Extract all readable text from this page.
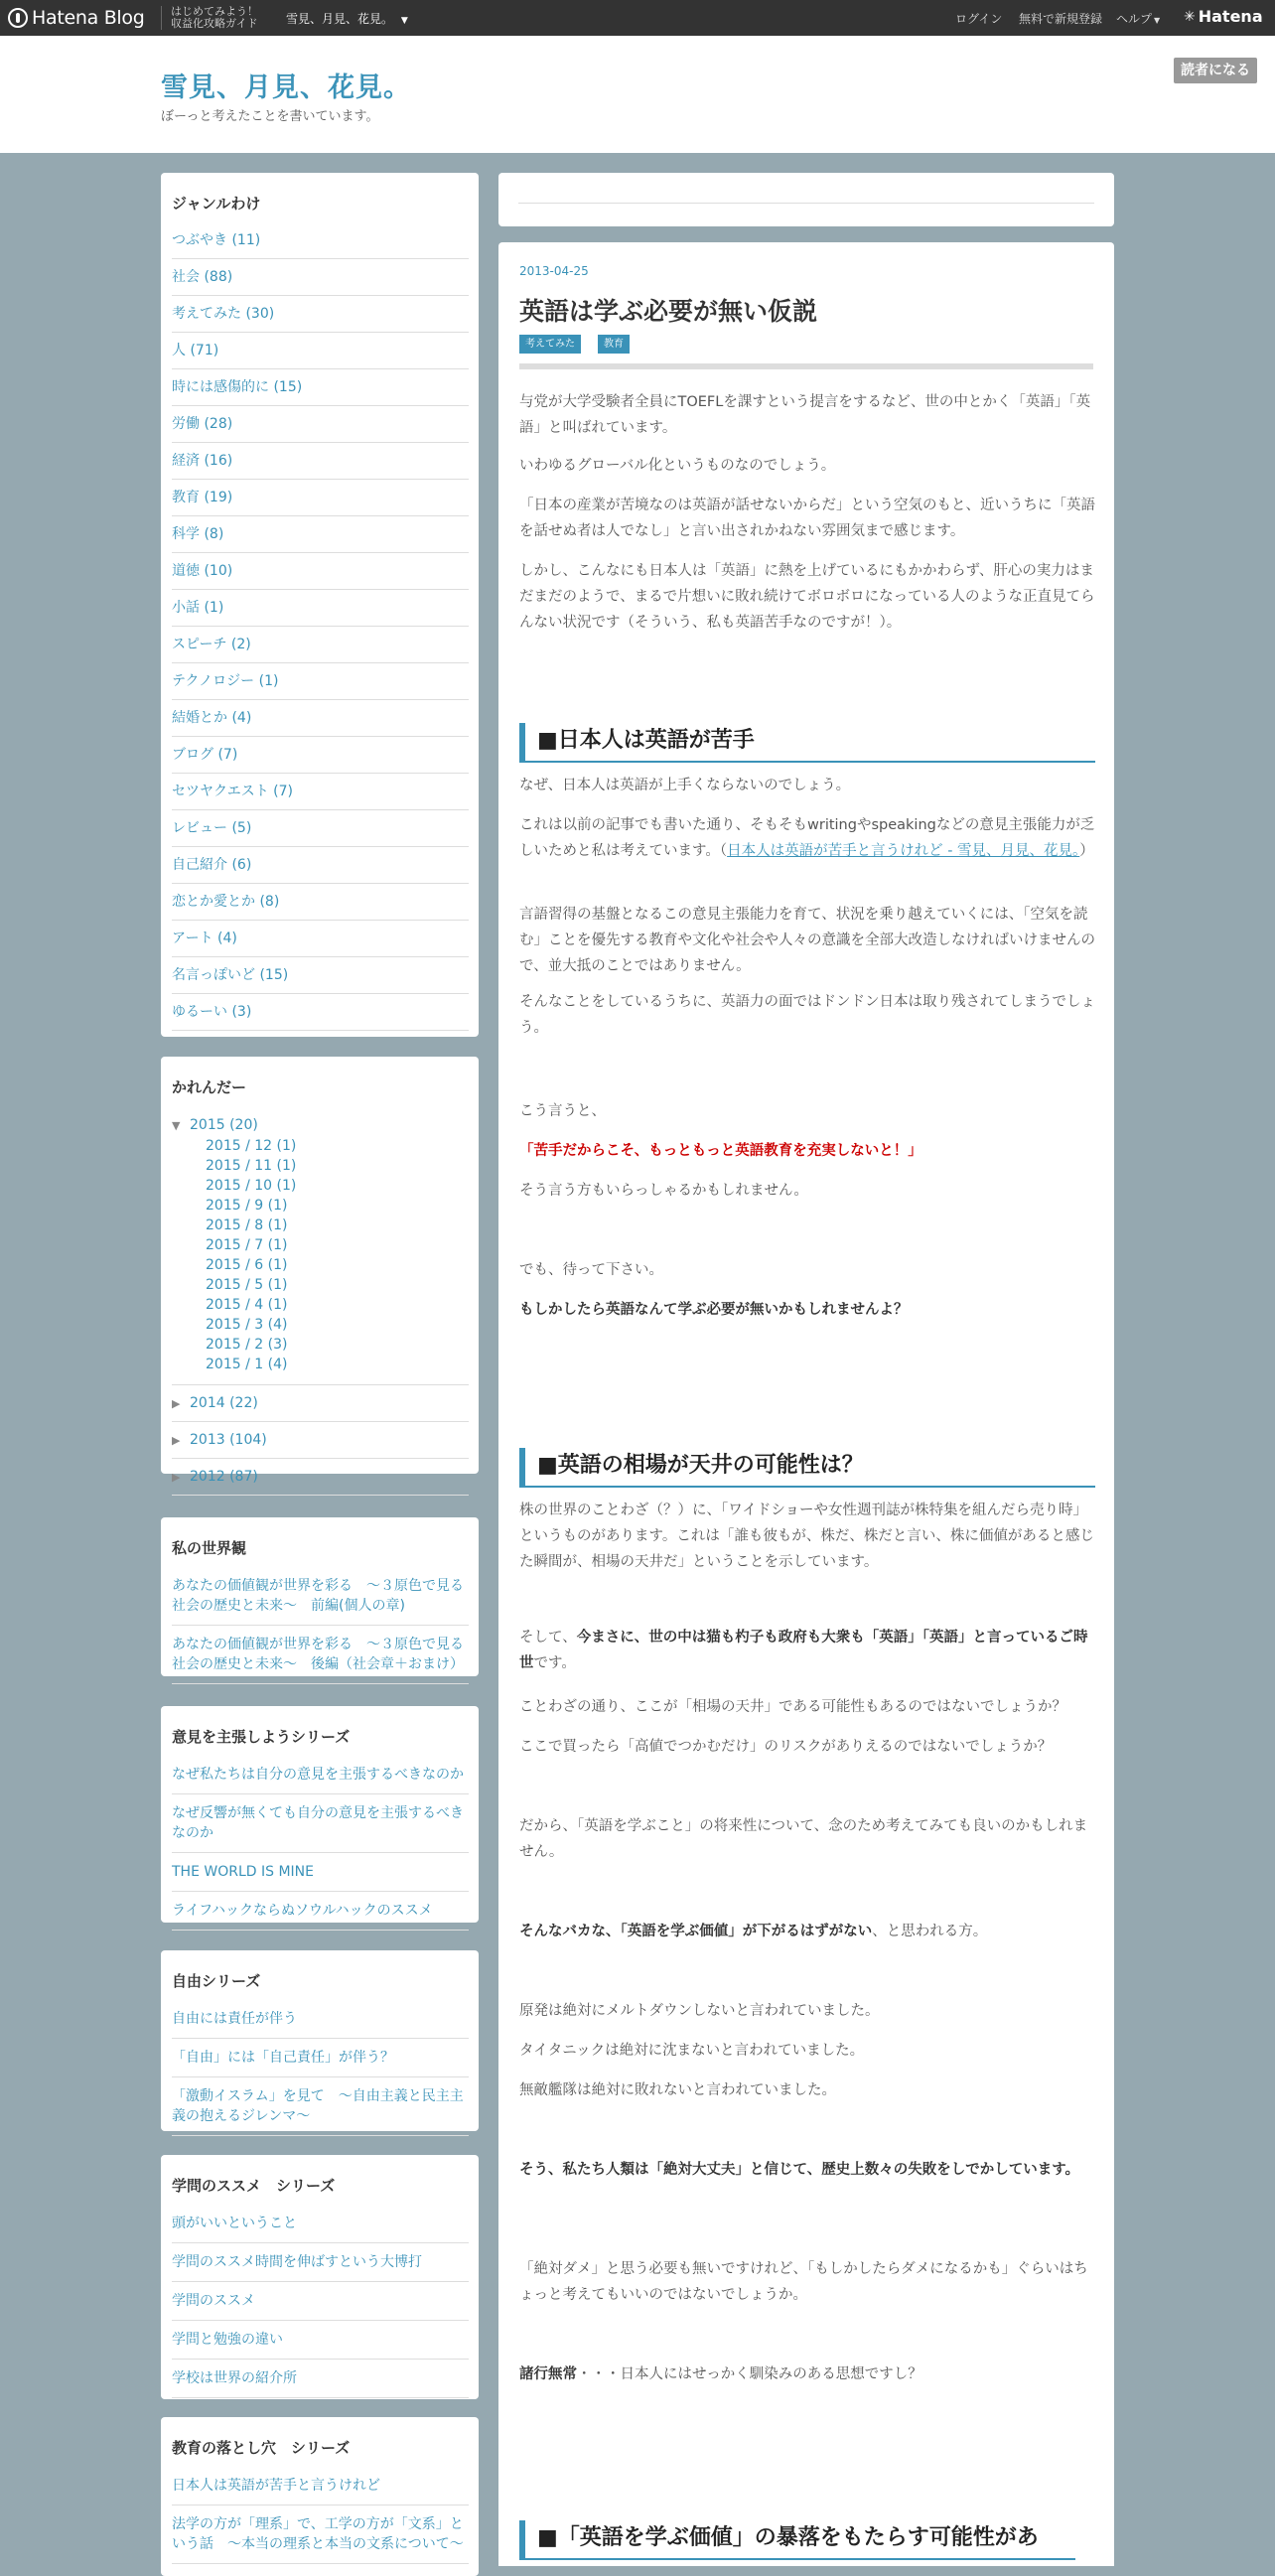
Hatena Blog はじめてみよう！
収益化攻略ガイド 雪見、月見、花見。 ▼	ログイン 無料で新規登録 ヘルプ ▼ ✳ Hatena
雪見、月見、花見。
ぼーっと考えたことを書いています。
読者になる
ジャンルわけ
つぶやき (11)
社会 (88)
考えてみた (30)
人 (71)
時には感傷的に (15)
労働 (28)
経済 (16)
教育 (19)
科学 (8)
道徳 (10)
小話 (1)
スピーチ (2)
テクノロジー (1)
結婚とか (4)
ブログ (7)
セツヤクエスト (7)
レビュー (5)
自己紹介 (6)
恋とか愛とか (8)
アート (4)
名言っぽいど (15)
ゆるーい (3)
かれんだー
▼ 2015 (20)
2015 / 12 (1)
2015 / 11 (1)
2015 / 10 (1)
2015 / 9 (1)
2015 / 8 (1)
2015 / 7 (1)
2015 / 6 (1)
2015 / 5 (1)
2015 / 4 (1)
2015 / 3 (4)
2015 / 2 (3)
2015 / 1 (4)
▶ 2014 (22)
▶ 2013 (104)
▶ 2012 (87)
私の世界観
あなたの価値観が世界を彩る　～３原色で見る社会の歴史と未来～　前編(個人の章)
あなたの価値観が世界を彩る　～３原色で見る社会の歴史と未来～　後編（社会章＋おまけ）
意見を主張しようシリーズ
なぜ私たちは自分の意見を主張するべきなのか
なぜ反響が無くても自分の意見を主張するべきなのか
THE WORLD IS MINE
ライフハックならぬソウルハックのススメ
自由シリーズ
自由には責任が伴う
「自由」には「自己責任」が伴う？
「激動イスラム」を見て　～自由主義と民主主義の抱えるジレンマ～
学問のススメ　シリーズ
頭がいいということ
学問のススメ時間を伸ばすという大博打
学問のススメ
学問と勉強の違い
学校は世界の紹介所
教育の落とし穴　シリーズ
日本人は英語が苦手と言うけれど
法学の方が「理系」で、工学の方が「文系」という話　～本当の理系と本当の文系について～
2013-04-25
英語は学ぶ必要が無い仮説
考えてみた	教育
与党が大学受験者全員にTOEFLを課すという提言をするなど、世の中とかく「英語」「英語」と叫ばれています。
いわゆるグローバル化というものなのでしょう。
「日本の産業が苦境なのは英語が話せないからだ」という空気のもと、近いうちに「英語を話せぬ者は人でなし」と言い出されかねない雰囲気まで感じます。
しかし、こんなにも日本人は「英語」に熱を上げているにもかかわらず、肝心の実力はまだまだのようで、まるで片想いに敗れ続けてボロボロになっている人のような正直見てらんない状況です（そういう、私も英語苦手なのですが！）。
■日本人は英語が苦手
なぜ、日本人は英語が上手くならないのでしょう。
これは以前の記事でも書いた通り、そもそもwritingやspeakingなどの意見主張能力が乏しいためと私は考えています。（日本人は英語が苦手と言うけれど - 雪見、月見、花見。）
言語習得の基盤となるこの意見主張能力を育て、状況を乗り越えていくには、「空気を読む」ことを優先する教育や文化や社会や人々の意識を全部大改造しなければいけませんので、並大抵のことではありません。
そんなことをしているうちに、英語力の面ではドンドン日本は取り残されてしまうでしょう。
こう言うと、
「苦手だからこそ、もっともっと英語教育を充実しないと！」
そう言う方もいらっしゃるかもしれません。
でも、待って下さい。
もしかしたら英語なんて学ぶ必要が無いかもしれませんよ？
■英語の相場が天井の可能性は？
株の世界のことわざ（？）に、「ワイドショーや女性週刊誌が株特集を組んだら売り時」というものがあります。これは「誰も彼もが、株だ、株だと言い、株に価値があると感じた瞬間が、相場の天井だ」ということを示しています。
そして、今まさに、世の中は猫も杓子も政府も大衆も「英語」「英語」と言っているご時世です。
ことわざの通り、ここが「相場の天井」である可能性もあるのではないでしょうか？
ここで買ったら「高値でつかむだけ」のリスクがありえるのではないでしょうか？
だから、「英語を学ぶこと」の将来性について、念のため考えてみても良いのかもしれません。
そんなバカな、「英語を学ぶ価値」が下がるはずがない、と思われる方。
原発は絶対にメルトダウンしないと言われていました。
タイタニックは絶対に沈まないと言われていました。
無敵艦隊は絶対に敗れないと言われていました。
そう、私たち人類は「絶対大丈夫」と信じて、歴史上数々の失敗をしでかしています。
「絶対ダメ」と思う必要も無いですけれど、「もしかしたらダメになるかも」ぐらいはちょっと考えてもいいのではないでしょうか。
諸行無常・・・日本人にはせっかく馴染みのある思想ですし？
■「英語を学ぶ価値」の暴落をもたらす可能性があ
